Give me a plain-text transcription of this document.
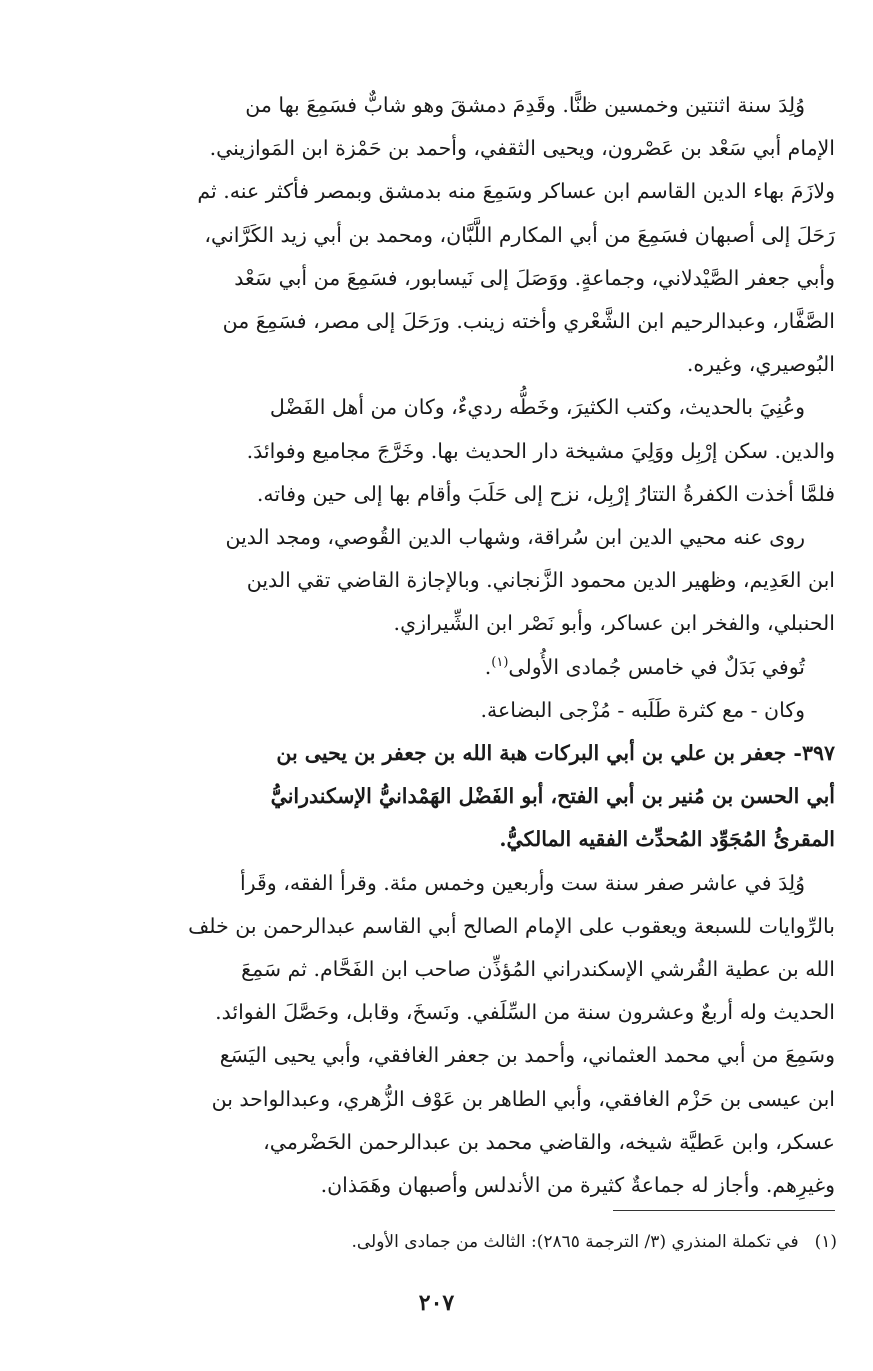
وُلِدَ سنة اثنتين وخمسين ظنًّا. وقَدِمَ دمشقَ وهو شابٌّ فسَمِعَ بها من
الإمام أبي سَعْد بن عَصْرون، ويحيى الثقفي، وأحمد بن حَمْزة ابن المَوازيني.
ولازَمَ بهاء الدين القاسم ابن عساكر وسَمِعَ منه بدمشق وبمصر فأكثر عنه. ثم
رَحَلَ إلى أصبهان فسَمِعَ من أبي المكارم اللَّبَّان، ومحمد بن أبي زيد الكَرَّاني،
وأبي جعفر الصَّيْدلاني، وجماعةٍ. ووَصَلَ إلى نَيسابور، فسَمِعَ من أبي سَعْد
الصَّفَّار، وعبدالرحيم ابن الشَّعْري وأخته زينب. ورَحَلَ إلى مصر، فسَمِعَ من
البُوصيري، وغيره.

وعُنِيَ بالحديث، وكتب الكثيرَ، وخَطُّه رديءٌ، وكان من أهل الفَضْل
والدين. سكن إرْبِل ووَلِيَ مشيخة دار الحديث بها. وخَرَّجَ مجاميع وفوائدَ.
فلمَّا أخذت الكفرةُ التتارُ إرْبِل، نزح إلى حَلَبَ وأقام بها إلى حين وفاته.

روى عنه محيي الدين ابن سُراقة، وشهاب الدين القُوصي، ومجد الدين
ابن العَدِيم، وظهير الدين محمود الزَّنجاني. وبالإجازة القاضي تقي الدين
الحنبلي، والفخر ابن عساكر، وأبو نَصْر ابن الشِّيرازي.

تُوفي بَدَلٌ في خامس جُمادى الأُولى$^{(١)}$.

وكان - مع كثرة طَلَبه - مُزْجى البضاعة.

٣٩٧- جعفر بن علي بن أبي البركات هبة الله بن جعفر بن يحيى بن
أبي الحسن بن مُنير بن أبي الفتح، أبو الفَضْل الهَمْدانيُّ الإسكندرانيُّ
المقرئُ المُجَوِّد المُحدِّث الفقيه المالكيُّ.

وُلِدَ في عاشر صفر سنة ست وأربعين وخمس مئة. وقرأ الفقه، وقَرأ
بالرِّوايات للسبعة ويعقوب على الإمام الصالح أبي القاسم عبدالرحمن بن خلف
الله بن عطية القُرشي الإسكندراني المُؤذِّن صاحب ابن الفَحَّام. ثم سَمِعَ
الحديث وله أربعٌ وعشرون سنة من السِّلَفي. ونَسخَ، وقابل، وحَصَّلَ الفوائد.
وسَمِعَ من أبي محمد العثماني، وأحمد بن جعفر الغافقي، وأبي يحيى اليَسَع
ابن عيسى بن حَزْم الغافقي، وأبي الطاهر بن عَوْف الزُّهري، وعبدالواحد بن
عسكر، وابن عَطيَّة شيخه، والقاضي محمد بن عبدالرحمن الحَضْرمي،
وغيرِهم. وأجاز له جماعةٌ كثيرة من الأندلس وأصبهان وهَمَذان.

(١)في تكملة المنذري (٣/ الترجمة ٢٨٦٥): الثالث من جمادى الأولى.
٢٠٧
